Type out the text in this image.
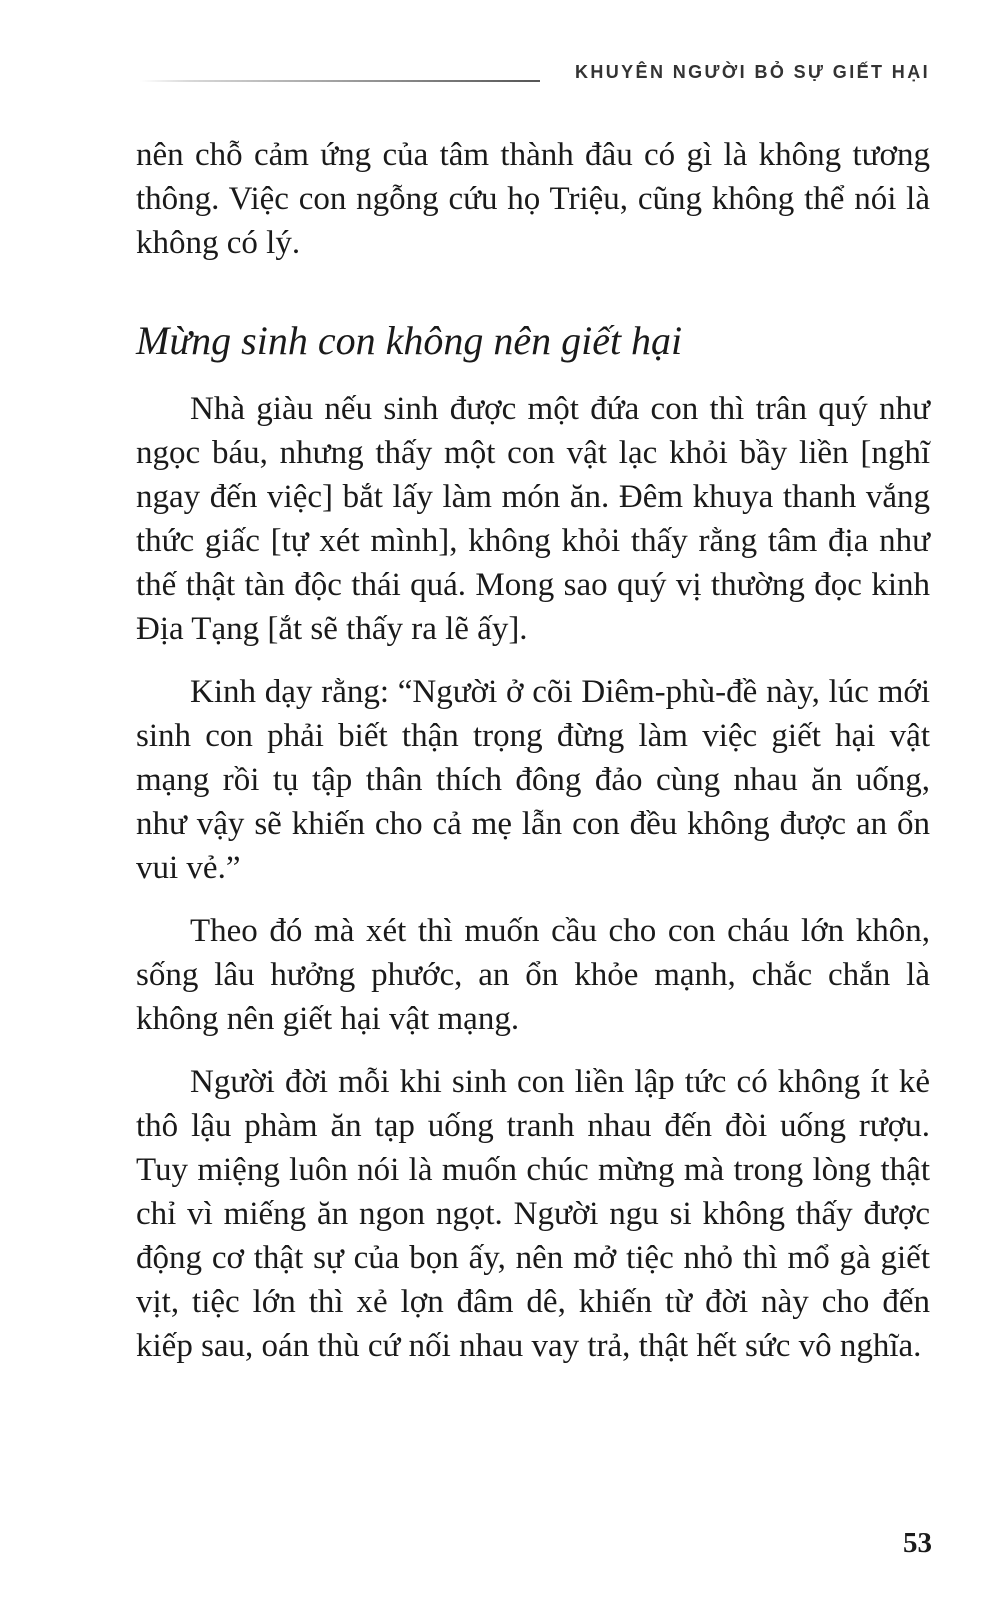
KHUYÊN NGƯỜI BỎ SỰ GIẾT HẠI

nên chỗ cảm ứng của tâm thành đâu có gì là không tương thông. Việc con ngỗng cứu họ Triệu, cũng không thể nói là không có lý.

Mừng sinh con không nên giết hại

Nhà giàu nếu sinh được một đứa con thì trân quý như ngọc báu, nhưng thấy một con vật lạc khỏi bầy liền [nghĩ ngay đến việc] bắt lấy làm món ăn. Đêm khuya thanh vắng thức giấc [tự xét mình], không khỏi thấy rằng tâm địa như thế thật tàn độc thái quá. Mong sao quý vị thường đọc kinh Địa Tạng [ắt sẽ thấy ra lẽ ấy].

Kinh dạy rằng: “Người ở cõi Diêm-phù-đề này, lúc mới sinh con phải biết thận trọng đừng làm việc giết hại vật mạng rồi tụ tập thân thích đông đảo cùng nhau ăn uống, như vậy sẽ khiến cho cả mẹ lẫn con đều không được an ổn vui vẻ.”

Theo đó mà xét thì muốn cầu cho con cháu lớn khôn, sống lâu hưởng phước, an ổn khỏe mạnh, chắc chắn là không nên giết hại vật mạng.

Người đời mỗi khi sinh con liền lập tức có không ít kẻ thô lậu phàm ăn tạp uống tranh nhau đến đòi uống rượu. Tuy miệng luôn nói là muốn chúc mừng mà trong lòng thật chỉ vì miếng ăn ngon ngọt. Người ngu si không thấy được động cơ thật sự của bọn ấy, nên mở tiệc nhỏ thì mổ gà giết vịt, tiệc lớn thì xẻ lợn đâm dê, khiến từ đời này cho đến kiếp sau, oán thù cứ nối nhau vay trả, thật hết sức vô nghĩa.

53
